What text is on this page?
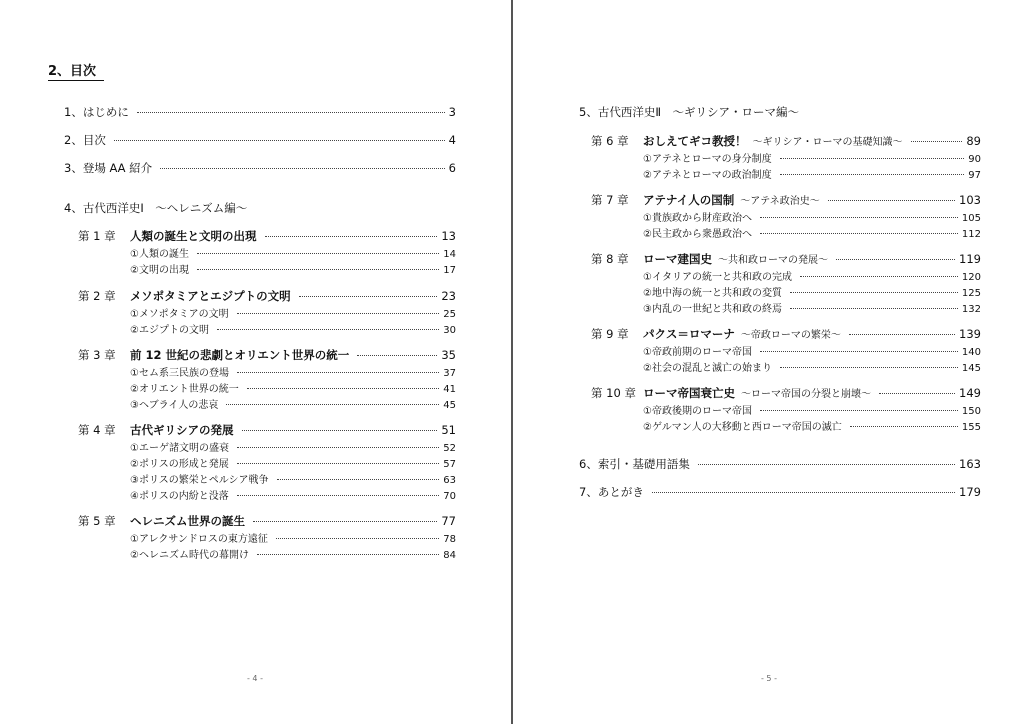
2、目次
1、はじめに	3
2、目次	4
3、登場 AA 紹介	6
4、古代西洋史Ⅰ　～ヘレニズム編～
第 1 章 人類の誕生と文明の出現	13
①人類の誕生	14
②文明の出現	17
第 2 章 メソポタミアとエジプトの文明	23
①メソポタミアの文明	25
②エジプトの文明	30
第 3 章 前 12 世紀の悲劇とオリエント世界の統一	35
①セム系三民族の登場	37
②オリエント世界の統一	41
③ヘブライ人の悲哀	45
第 4 章 古代ギリシアの発展	51
①エーゲ諸文明の盛衰	52
②ポリスの形成と発展	57
③ポリスの繁栄とペルシア戦争	63
④ポリスの内紛と没落	70
第 5 章 ヘレニズム世界の誕生	77
①アレクサンドロスの東方遠征	78
②ヘレニズム時代の幕開け	84
- 4 -
5、古代西洋史Ⅱ　～ギリシア・ローマ編～
第 6 章 おしえてギコ教授！ ～ギリシア・ローマの基礎知識～	89
①アテネとローマの身分制度	90
②アテネとローマの政治制度	97
第 7 章 アテナイ人の国制 ～アテネ政治史～	103
①貴族政から財産政治へ	105
②民主政から衆愚政治へ	112
第 8 章 ローマ建国史 ～共和政ローマの発展～	119
①イタリアの統一と共和政の完成	120
②地中海の統一と共和政の変質	125
③内乱の一世紀と共和政の終焉	132
第 9 章 パクス＝ロマーナ ～帝政ローマの繁栄～	139
①帝政前期のローマ帝国	140
②社会の混乱と滅亡の始まり	145
第 10 章 ローマ帝国衰亡史 ～ローマ帝国の分裂と崩壊～	149
①帝政後期のローマ帝国	150
②ゲルマン人の大移動と西ローマ帝国の滅亡	155
6、索引・基礎用語集	163
7、あとがき	179
- 5 -
